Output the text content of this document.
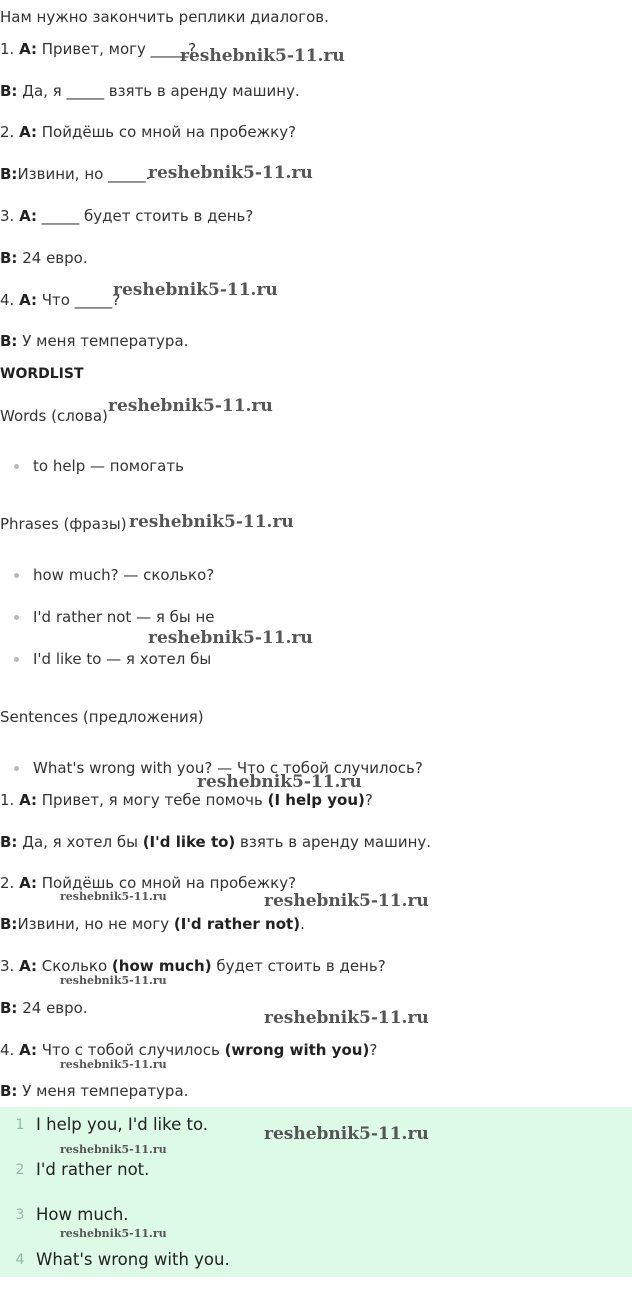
Нам нужно закончить реплики диалогов.
1. A: Привет, могу _____?
B: Да, я _____ взять в аренду машину.
2. A: Пойдёшь со мной на пробежку?
B:Извини, но _____.
3. A: _____ будет стоить в день?
B: 24 евро.
4. A: Что _____?
B: У меня температура.
WORDLIST
Words (слова)
to help — помогать
Phrases (фразы)
how much? — сколько?
I'd rather not — я бы не
I'd like to — я хотел бы
Sentences (предложения)
What's wrong with you? — Что с тобой случилось?
1. A: Привет, я могу тебе помочь (I help you)?
B: Да, я хотел бы (I'd like to) взять в аренду машину.
2. A: Пойдёшь со мной на пробежку?
B:Извини, но не могу (I'd rather not).
3. A: Сколько (how much) будет стоить в день?
B: 24 евро.
4. A: Что с тобой случилось (wrong with you)?
B: У меня температура.
1 I help you, I'd like to.
2 I'd rather not.
3 How much.
4 What's wrong with you.
reshebnik5-11.ru
reshebnik5-11.ru
reshebnik5-11.ru
reshebnik5-11.ru
reshebnik5-11.ru
reshebnik5-11.ru
reshebnik5-11.ru
reshebnik5-11.ru
reshebnik5-11.ru
reshebnik5-11.ru
reshebnik5-11.ru
reshebnik5-11.ru
reshebnik5-11.ru
reshebnik5-11.ru
reshebnik5-11.ru
